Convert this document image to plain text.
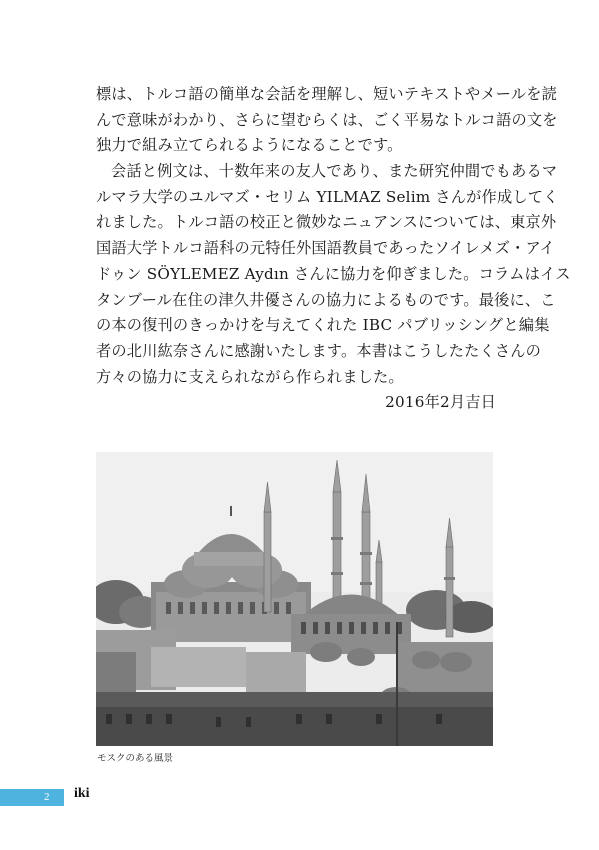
標は、トルコ語の簡単な会話を理解し、短いテキストやメールを読
んで意味がわかり、さらに望むらくは、ごく平易なトルコ語の文を
独力で組み立てられるようになることです。
会話と例文は、十数年来の友人であり、また研究仲間でもあるマ
ルマラ大学のユルマズ・セリム YILMAZ Selim さんが作成してく
れました。トルコ語の校正と微妙なニュアンスについては、東京外
国語大学トルコ語科の元特任外国語教員であったソイレメズ・アイ
ドゥン SÖYLEMEZ Aydın さんに協力を仰ぎました。コラムはイス
タンブール在住の津久井優さんの協力によるものです。最後に、こ
の本の復刊のきっかけを与えてくれた IBC パブリッシングと編集
者の北川紘奈さんに感謝いたします。本書はこうしたたくさんの
方々の協力に支えられながら作られました。
2016年2月吉日
モスクのある風景
2 iki
